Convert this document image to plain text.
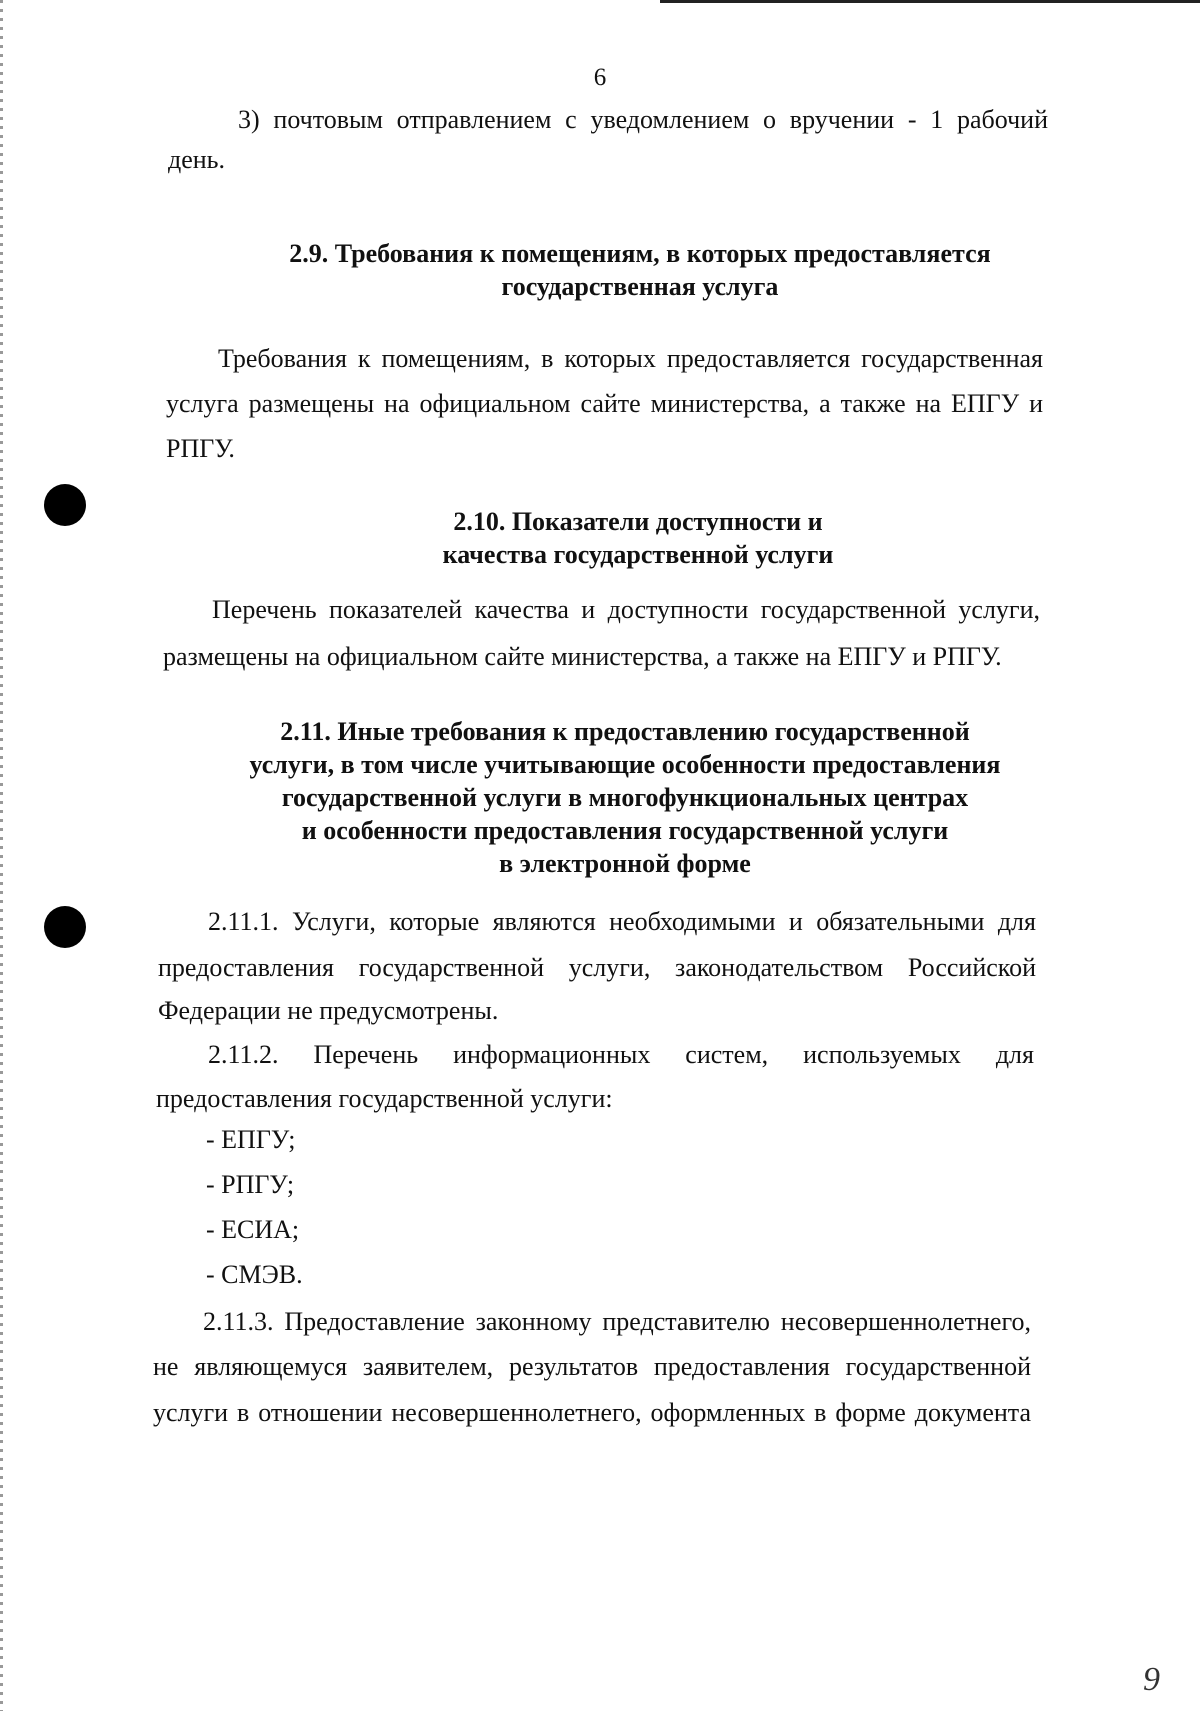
6
3) почтовым отправлением с уведомлением о вручении - 1 рабочий
день.
2.9. Требования к помещениям, в которых предоставляется
государственная услуга
Требования к помещениям, в которых предоставляется государственная
услуга размещены на официальном сайте министерства, а также на ЕПГУ и
РПГУ.
2.10. Показатели доступности и
качества государственной услуги
Перечень показателей качества и доступности государственной услуги,
размещены на официальном сайте министерства, а также на ЕПГУ и РПГУ.
2.11. Иные требования к предоставлению государственной
услуги, в том числе учитывающие особенности предоставления
государственной услуги в многофункциональных центрах
и особенности предоставления государственной услуги
в электронной форме
2.11.1. Услуги, которые являются необходимыми и обязательными для
предоставления государственной услуги, законодательством Российской
Федерации не предусмотрены.
2.11.2. Перечень информационных систем, используемых для
предоставления государственной услуги:
- ЕПГУ;
- РПГУ;
- ЕСИА;
- СМЭВ.
2.11.3. Предоставление законному представителю несовершеннолетнего,
не являющемуся заявителем, результатов предоставления государственной
услуги в отношении несовершеннолетнего, оформленных в форме документа
9
